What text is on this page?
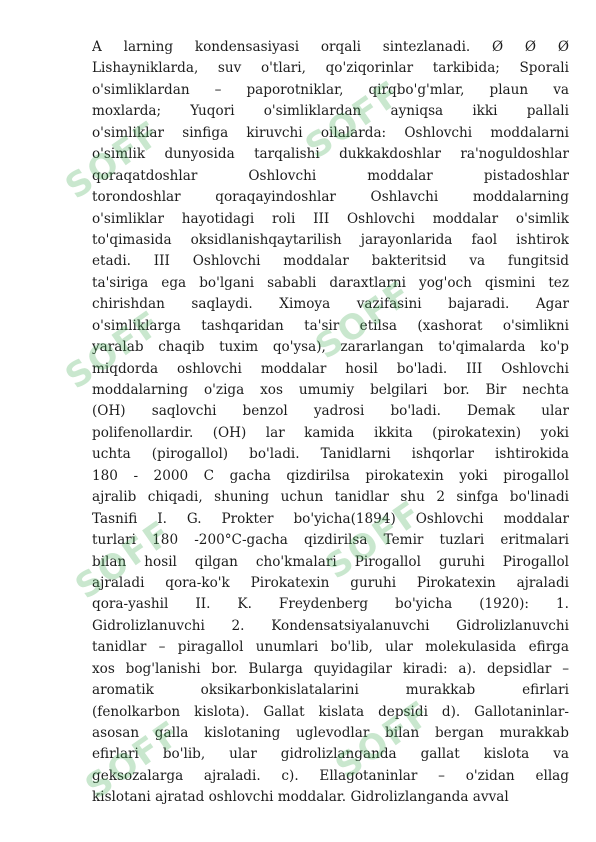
A larning kondensasiyasi orqali sintezlanadi. Ø Ø Ø
Lishayniklarda, suv o'tlari, qo'ziqorinlar tarkibida; Sporali
o'simliklardan – paporotniklar, qirqbo'g'mlar, plaun va
moxlarda; Yuqori o'simliklardan ayniqsa ikki pallali
o'simliklar sinfiga kiruvchi oilalarda: Oshlovchi moddalarni
o'simlik dunyosida tarqalishi dukkakdoshlar ra'noguldoshlar
qoraqatdoshlar Oshlovchi moddalar pistadoshlar
torondoshlar qoraqayindoshlar Oshlavchi moddalarning
o'simliklar hayotidagi roli III Oshlovchi moddalar o'simlik
to'qimasida oksidlanishqaytarilish jarayonlarida faol ishtirok
etadi. III Oshlovchi moddalar bakteritsid va fungitsid
ta'siriga ega bo'lgani sababli daraxtlarni yog'och qismini tez
chirishdan saqlaydi. Ximoya vazifasini bajaradi. Agar
o'simliklarga tashqaridan ta'sir etilsa (xashorat o'simlikni
yaralab chaqib tuxim qo'ysa), zararlangan to'qimalarda ko'p
miqdorda oshlovchi moddalar hosil bo'ladi. III Oshlovchi
moddalarning o'ziga xos umumiy belgilari bor. Bir nechta
(OH) saqlovchi benzol yadrosi bo'ladi. Demak ular
polifenollardir. (OH) lar kamida ikkita (pirokatexin) yoki
uchta (pirogallol) bo'ladi. Tanidlarni ishqorlar ishtirokida
180 - 2000 C gacha qizdirilsa pirokatexin yoki pirogallol
ajralib chiqadi, shuning uchun tanidlar shu 2 sinfga bo'linadi
Tasnifi I. G. Prokter bo'yicha(1894) Oshlovchi moddalar
turlari 180 -200°C-gacha qizdirilsa Temir tuzlari eritmalari
bilan hosil qilgan cho'kmalari Pirogallol guruhi Pirogallol
ajraladi qora-ko'k Pirokatexin guruhi Pirokatexin ajraladi
qora-yashil II. K. Freydenberg bo'yicha (1920): 1.
Gidrolizlanuvchi 2. Kondensatsiyalanuvchi Gidrolizlanuvchi
tanidlar – piragallol unumlari bo'lib, ular molekulasida efirga
xos bog'lanishi bor. Bularga quyidagilar kiradi: a). depsidlar –
aromatik oksikarbonkislatalarini murakkab efirlari
(fenolkarbon kislota). Gallat kislata depsidi d). Gallotaninlar-
asosan galla kislotaning uglevodlar bilan bergan murakkab
efirlari bo'lib, ular gidrolizlanganda gallat kislota va
geksozalarga ajraladi. c). Ellagotaninlar – o'zidan ellag
kislotani ajratad oshlovchi moddalar. Gidrolizlanganda avval
SOFF	SOFF
SOFF	SOFF
SOFF	SOFF
SOFF	SOFF
